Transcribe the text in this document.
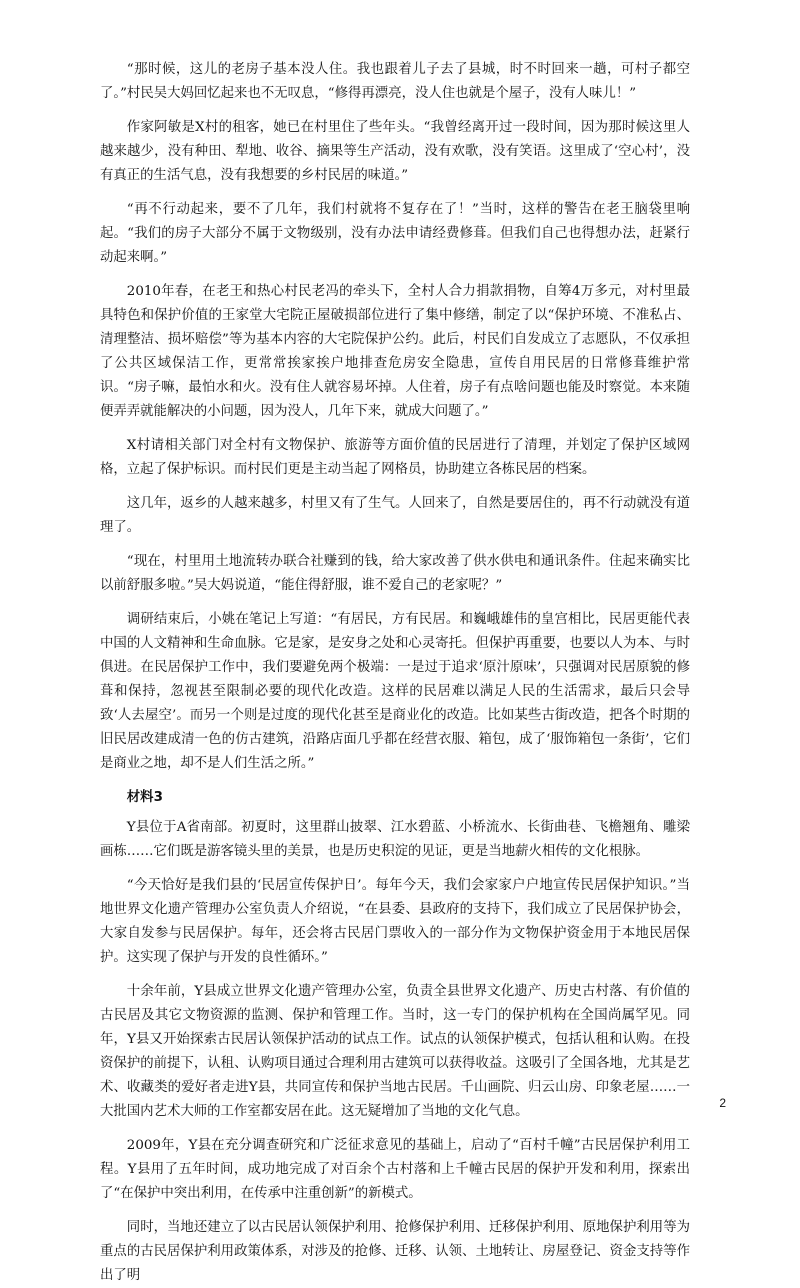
“那时候，这儿的老房子基本没人住。我也跟着儿子去了县城，时不时回来一趟，可村子都空了。”村民吴大妈回忆起来也不无叹息，“修得再漂亮，没人住也就是个屋子，没有人味儿！”

作家阿敏是X村的租客，她已在村里住了些年头。“我曾经离开过一段时间，因为那时候这里人越来越少，没有种田、犁地、收谷、摘果等生产活动，没有欢歌，没有笑语。这里成了‘空心村’，没有真正的生活气息，没有我想要的乡村民居的味道。”

“再不行动起来，要不了几年，我们村就将不复存在了！”当时，这样的警告在老王脑袋里响起。“我们的房子大部分不属于文物级别，没有办法申请经费修葺。但我们自己也得想办法，赶紧行动起来啊。”

2010年春，在老王和热心村民老冯的牵头下，全村人合力捐款捐物，自筹4万多元，对村里最具特色和保护价值的王家堂大宅院正屋破损部位进行了集中修缮，制定了以“保护环境、不准私占、清理整洁、损坏赔偿”等为基本内容的大宅院保护公约。此后，村民们自发成立了志愿队，不仅承担了公共区域保洁工作，更常常挨家挨户地排查危房安全隐患，宣传自用民居的日常修葺维护常识。“房子嘛，最怕水和火。没有住人就容易坏掉。人住着，房子有点啥问题也能及时察觉。本来随便弄弄就能解决的小问题，因为没人，几年下来，就成大问题了。”

X村请相关部门对全村有文物保护、旅游等方面价值的民居进行了清理，并划定了保护区域网格，立起了保护标识。而村民们更是主动当起了网格员，协助建立各栋民居的档案。

这几年，返乡的人越来越多，村里又有了生气。人回来了，自然是要居住的，再不行动就没有道理了。

“现在，村里用土地流转办联合社赚到的钱，给大家改善了供水供电和通讯条件。住起来确实比以前舒服多啦。”吴大妈说道，“能住得舒服，谁不爱自己的老家呢？”

调研结束后，小姚在笔记上写道：“有居民，方有民居。和巍峨雄伟的皇宫相比，民居更能代表中国的人文精神和生命血脉。它是家，是安身之处和心灵寄托。但保护再重要，也要以人为本、与时俱进。在民居保护工作中，我们要避免两个极端：一是过于追求‘原汁原味’，只强调对民居原貌的修葺和保持，忽视甚至限制必要的现代化改造。这样的民居难以满足人民的生活需求，最后只会导致‘人去屋空’。而另一个则是过度的现代化甚至是商业化的改造。比如某些古街改造，把各个时期的旧民居改建成清一色的仿古建筑，沿路店面几乎都在经营衣服、箱包，成了‘服饰箱包一条街’，它们是商业之地，却不是人们生活之所。”

材料3

Y县位于A省南部。初夏时，这里群山披翠、江水碧蓝、小桥流水、长街曲巷、飞檐翘角、雕梁画栋……它们既是游客镜头里的美景，也是历史积淀的见证，更是当地薪火相传的文化根脉。

“今天恰好是我们县的‘民居宣传保护日’。每年今天，我们会家家户户地宣传民居保护知识。”当地世界文化遗产管理办公室负责人介绍说，“在县委、县政府的支持下，我们成立了民居保护协会，大家自发参与民居保护。每年，还会将古民居门票收入的一部分作为文物保护资金用于本地民居保护。这实现了保护与开发的良性循环。”

十余年前，Y县成立世界文化遗产管理办公室，负责全县世界文化遗产、历史古村落、有价值的古民居及其它文物资源的监测、保护和管理工作。当时，这一专门的保护机构在全国尚属罕见。同年，Y县又开始探索古民居认领保护活动的试点工作。试点的认领保护模式，包括认租和认购。在投资保护的前提下，认租、认购项目通过合理利用古建筑可以获得收益。这吸引了全国各地，尤其是艺术、收藏类的爱好者走进Y县，共同宣传和保护当地古民居。千山画院、归云山房、印象老屋……一大批国内艺术大师的工作室都安居在此。这无疑增加了当地的文化气息。

2009年，Y县在充分调查研究和广泛征求意见的基础上，启动了“百村千幢”古民居保护利用工程。Y县用了五年时间，成功地完成了对百余个古村落和上千幢古民居的保护开发和利用，探索出了“在保护中突出利用，在传承中注重创新”的新模式。

同时，当地还建立了以古民居认领保护利用、抢修保护利用、迁移保护利用、原地保护利用等为重点的古民居保护利用政策体系，对涉及的抢修、迁移、认领、土地转让、房屋登记、资金支持等作出了明

2
